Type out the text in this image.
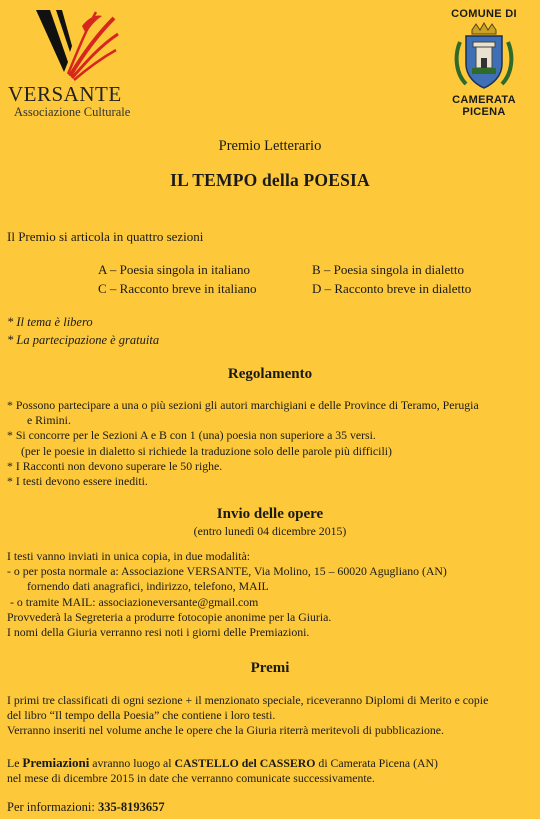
VERSANTE
Associazione Culturale
COMUNE DI
CAMERATA
PICENA
Premio Letterario
IL TEMPO della POESIA
Il Premio si articola in quattro sezioni
A – Poesia singola in italiano	B – Poesia singola in dialetto
C – Racconto breve in italiano	D – Racconto breve in dialetto
* Il tema è libero
* La partecipazione è gratuita
Regolamento
* Possono partecipare a una o più sezioni gli autori marchigiani e delle Province di Teramo, Perugia
e Rimini.
* Si concorre per le Sezioni A e B con 1 (una) poesia non superiore a 35 versi.
(per le poesie in dialetto si richiede la traduzione solo delle parole più difficili)
* I Racconti non devono superare le 50 righe.
* I testi devono essere inediti.
Invio delle opere
(entro lunedì 04 dicembre 2015)
I testi vanno inviati in unica copia, in due modalità:
- o per posta normale a: Associazione VERSANTE, Via Molino, 15 – 60020 Agugliano (AN)
fornendo dati anagrafici, indirizzo, telefono, MAIL
- o tramite MAIL: associazioneversante@gmail.com
Provvederà la Segreteria a produrre fotocopie anonime per la Giuria.
I nomi della Giuria verranno resi noti i giorni delle Premiazioni.
Premi
I primi tre classificati di ogni sezione + il menzionato speciale, riceveranno Diplomi di Merito e copie
del libro “Il tempo della Poesia” che contiene i loro testi.
Verranno inseriti nel volume anche le opere che la Giuria riterrà meritevoli di pubblicazione.
Le Premiazioni avranno luogo al CASTELLO del CASSERO di Camerata Picena (AN)
nel mese di dicembre 2015 in date che verranno comunicate successivamente.
Per informazioni: 335-8193657
